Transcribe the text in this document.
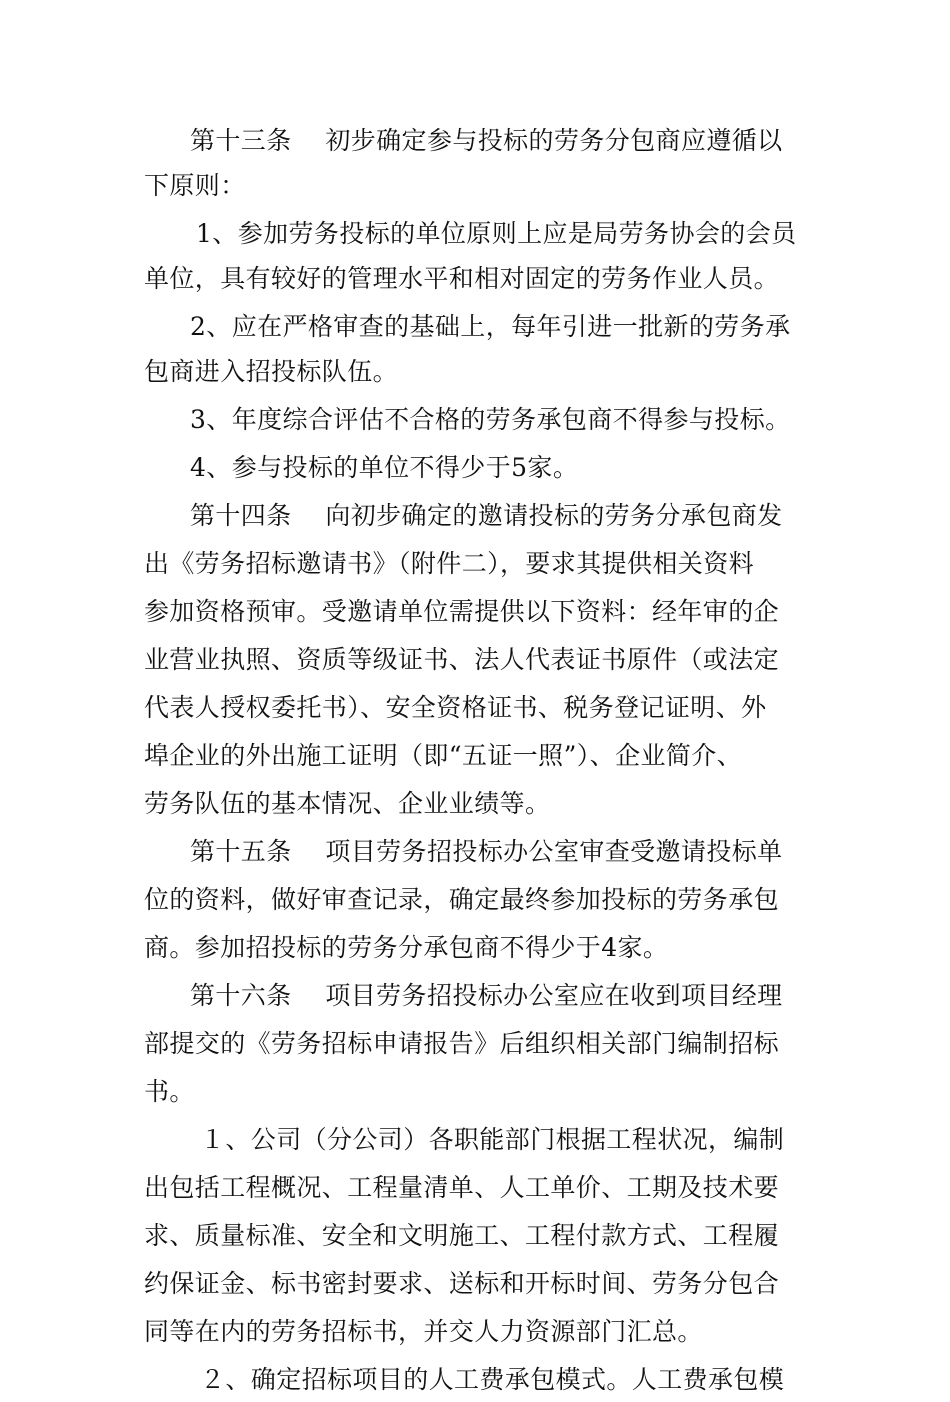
第十三条　 初步确定参与投标的劳务分包商应遵循以
下原则：
1、参加劳务投标的单位原则上应是局劳务协会的会员
单位，具有较好的管理水平和相对固定的劳务作业人员。
2、应在严格审查的基础上，每年引进一批新的劳务承
包商进入招投标队伍。
3、年度综合评估不合格的劳务承包商不得参与投标。
4、参与投标的单位不得少于5家。
第十四条　 向初步确定的邀请投标的劳务分承包商发
出《劳务招标邀请书》（附件二），要求其提供相关资料
参加资格预审。受邀请单位需提供以下资料：经年审的企
业营业执照、资质等级证书、法人代表证书原件（或法定
代表人授权委托书）、安全资格证书、税务登记证明、外
埠企业的外出施工证明（即“五证一照”）、企业简介、
劳务队伍的基本情况、企业业绩等。
第十五条　 项目劳务招投标办公室审查受邀请投标单
位的资料，做好审查记录，确定最终参加投标的劳务承包
商。参加招投标的劳务分承包商不得少于4家。
第十六条　 项目劳务招投标办公室应在收到项目经理
部提交的《劳务招标申请报告》后组织相关部门编制招标
书。
１、公司（分公司）各职能部门根据工程状况，编制
出包括工程概况、工程量清单、人工单价、工期及技术要
求、质量标准、安全和文明施工、工程付款方式、工程履
约保证金、标书密封要求、送标和开标时间、劳务分包合
同等在内的劳务招标书，并交人力资源部门汇总。
２、确定招标项目的人工费承包模式。人工费承包模
